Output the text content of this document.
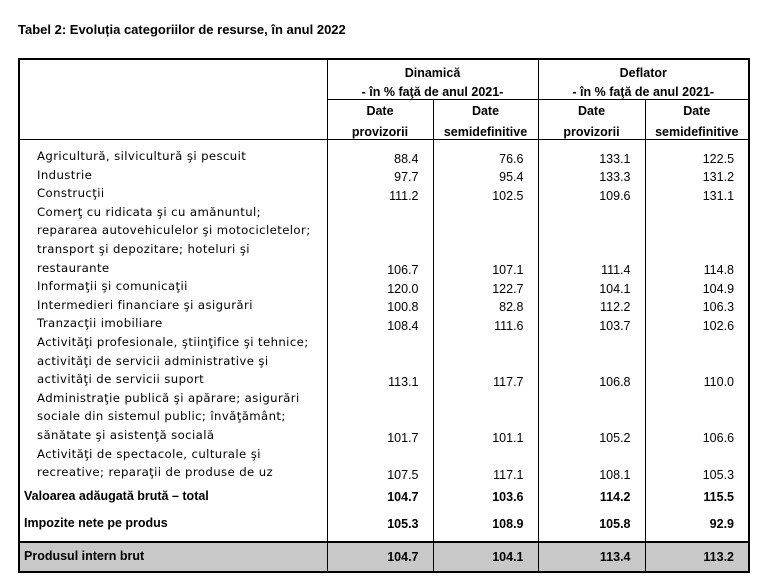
Tabel 2: Evoluția categoriilor de resurse, în anul 2022
	Dinamică		Deflator	
	- în % faţă de anul 2021-		- în % faţă de anul 2021-	
	Date	Date	Date	Date
	provizorii	semidefinitive	provizorii	semidefinitive

Agricultură, silvicultură şi pescuit	88.4	76.6	133.1	122.5

Industrie	97.7	95.4	133.3	131.2

Construcţii	111.2	102.5	109.6	131.1

Comerţ cu ridicata şi cu amănuntul;
repararea autovehiculelor şi motocicletelor;
transport şi depozitare; hoteluri şi
restaurante	106.7	107.1	111.4	114.8

Informaţii şi comunicaţii	120.0	122.7	104.1	104.9

Intermedieri financiare şi asigurări	100.8	82.8	112.2	106.3

Tranzacţii imobiliare	108.4	111.6	103.7	102.6

Activităţi profesionale, ştiinţifice şi tehnice;
activităţi de servicii administrative şi
activităţi de servicii suport	113.1	117.7	106.8	110.0

Administraţie publică şi apărare; asigurări
sociale din sistemul public; învăţământ;
sănătate şi asistenţă socială	101.7	101.1	105.2	106.6

Activităţi de spectacole, culturale şi
recreative; reparaţii de produse de uz	107.5	117.1	108.1	105.3
Valoarea adăugată brută – total	104.7	103.6	114.2	115.5
Impozite nete pe produs	105.3	108.9	105.8	92.9

Produsul intern brut	104.7	104.1	113.4	113.2
